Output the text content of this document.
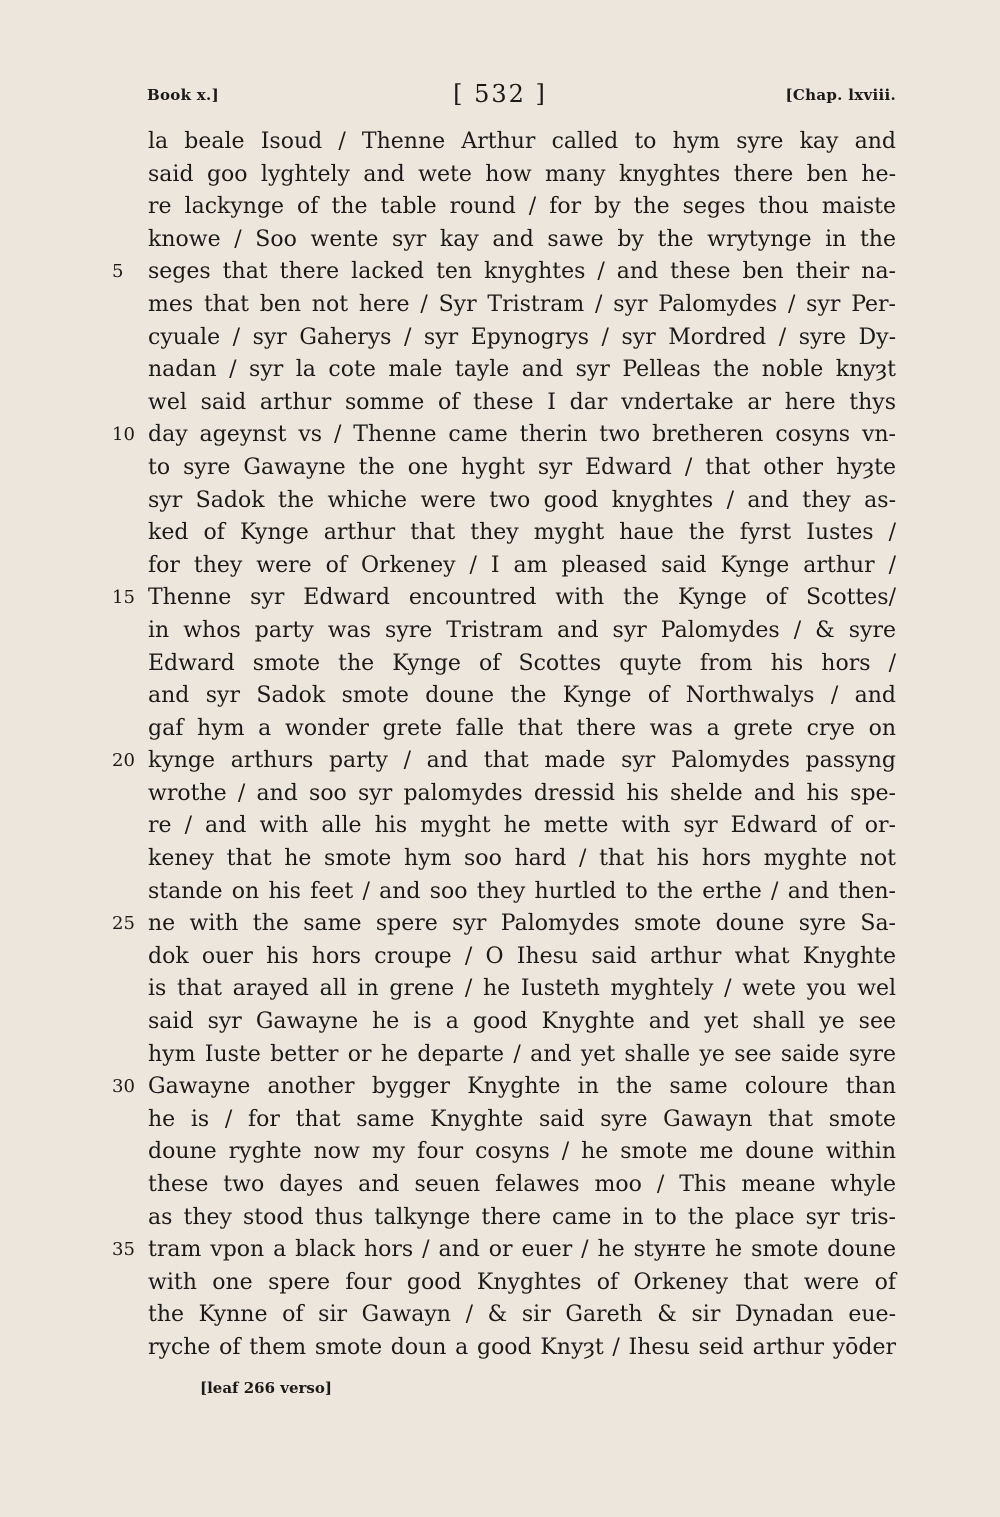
Book x.]	[ 532 ]	[Chap. lxviii.
la beale Isoud / Thenne Arthur called to hym syre kay and
said goo lyghtely and wete how many knyghtes there ben he-
re lackynge of the table round / for by the seges thou maiste
knowe / Soo wente syr kay and sawe by the wrytynge in the
5	seges that there lacked ten knyghtes / and these ben their na-
mes that ben not here / Syr Tristram / syr Palomydes / syr Per-
cyuale / syr Gaherys / syr Epynogrys / syr Mordred / syre Dy-
nadan / syr la cote male tayle and syr Pelleas the noble knyȝt
wel said arthur somme of these I dar vndertake ar here thys
10 day ageynst vs / Thenne came therin two bretheren cosyns vn-
to syre Gawayne the one hyght syr Edward / that other hyȝte
syr Sadok the whiche were two good knyghtes / and they as-
ked of Kynge arthur that they myght haue the fyrst Iustes /
for they were of Orkeney / I am pleased said Kynge arthur /
15 Thenne syr Edward encountred with the Kynge of Scottes/
in whos party was syre Tristram and syr Palomydes / & syre
Edward smote the Kynge of Scottes quyte from his hors /
and syr Sadok smote doune the Kynge of Northwalys / and
gaf hym a wonder grete falle that there was a grete crye on
20 kynge arthurs party / and that made syr Palomydes passyng
wrothe / and soo syr palomydes dressid his shelde and his spe-
re / and with alle his myght he mette with syr Edward of or-
keney that he smote hym soo hard / that his hors myghte not
stande on his feet / and soo they hurtled to the erthe / and then-
25 ne with the same spere syr Palomydes smote doune syre Sa-
dok ouer his hors croupe / O Ihesu said arthur what Knyghte
is that arayed all in grene / he Iusteth myghtely / wete you wel
said syr Gawayne he is a good Knyghte and yet shall ye see
hym Iuste better or he departe / and yet shalle ye see saide syre
30 Gawayne another bygger Knyghte in the same coloure than
he is / for that same Knyghte said syre Gawayn that smote
doune ryghte now my four cosyns / he smote me doune within
these two dayes and seuen felawes moo / This meane whyle
as they stood thus talkynge there came in to the place syr tris-
35 tram vpon a black hors / and or euer / he styнте he smote doune
with one spere four good Knyghtes of Orkeney that were of
the Kynne of sir Gawayn / & sir Gareth & sir Dynadan eue-
ryche of them smote doun a good Knyȝt / Ihesu seid arthur yōder
[leaf 266 verso]
